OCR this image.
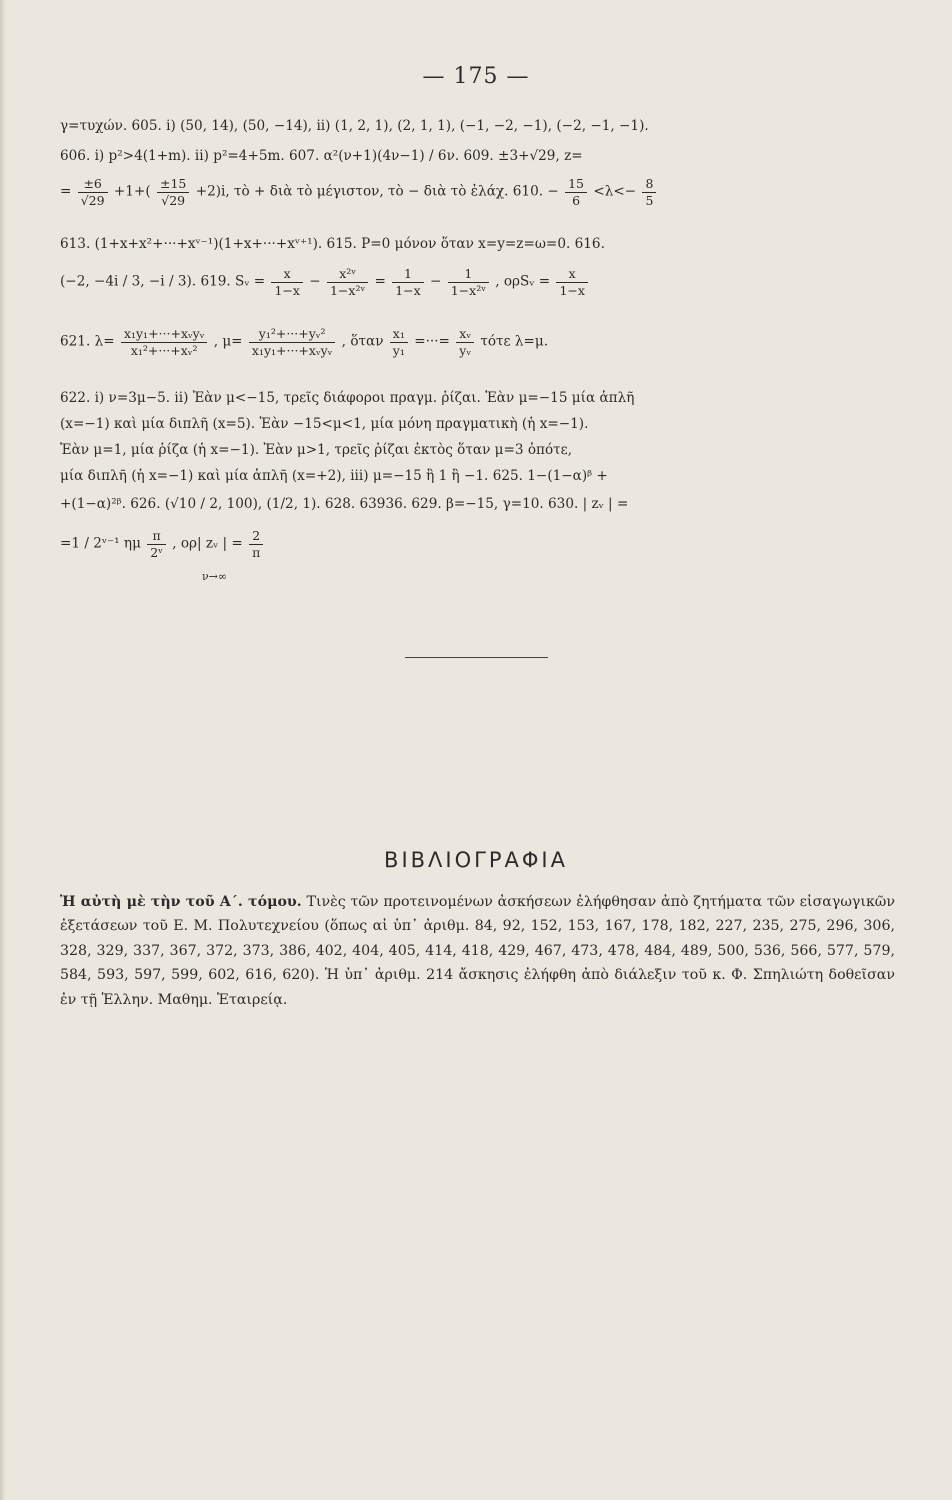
— 175 —
γ=τυχών. 605. i) (50, 14), (50, −14), ii) (1, 2, 1), (2, 1, 1), (−1, −2, −1), (−2, −1, −1).
606. i) p²>4(1+m). ii) p²=4+5m. 607. α²(ν+1)(4ν−1) / 6ν. 609. ±3+√29, z=
= $\frac{\pm 6}{√29} +1+( \frac{\pm 15}{√29} +2)i$, τὸ + διὰ τὸ μέγιστον, τὸ − διὰ τὸ ἐλάχ. 610. − $\frac{15}{6} <\lambda<- \frac{8}{5}$
613. (1+x+x²+···+xᵛ⁻¹)(1+x+···+xᵛ⁺¹). 615. P=0 μόνον ὅταν x=y=z=ω=0. 616.
(−2, −4i / 3, −i / 3). 619. Sᵥ = $\frac{x}{1-x} - \frac{\text{x²ᵛ}}{\text{1−x²ᵛ}} = \frac{1}{1-x} - \frac{1}{\text{1−x²ᵛ}}$ , ορSᵥ = $\frac{x}{1-x}$
621. $\lambda= \frac{\text{x₁y₁+···+xᵥyᵥ}}{\text{x₁²+···+xᵥ²}}$ , $\mu= \frac{\text{y₁²+···+yᵥ²}}{\text{x₁y₁+···+xᵥyᵥ}}$ , ὅταν $\frac{\text{x₁}}{\text{y₁}}$ =···= $\frac{\text{xᵥ}}{\text{yᵥ}}$ τότε λ=μ.
622. i) ν=3μ−5. ii) Ἐὰν μ<−15, τρεῖς διάφοροι πραγμ. ῥίζαι. Ἐὰν μ=−15 μία ἁπλῆ
(x=−1) καὶ μία διπλῆ (x=5). Ἐὰν −15<μ<1, μία μόνη πραγματικὴ (ἡ x=−1).
Ἐὰν μ=1, μία ῥίζα (ἡ x=−1). Ἐὰν μ>1, τρεῖς ῥίζαι ἐκτὸς ὅταν μ=3 ὁπότε,
μία διπλῆ (ἡ x=−1) καὶ μία ἁπλῆ (x=+2), iii) μ=−15 ἢ 1 ἢ −1. 625. 1−(1−α)ᵝ +
+(1−α)²ᵝ. 626. (√10 / 2, 100), (1/2, 1). 628. 63936. 629. β=−15, γ=10. 630. | zᵥ | =
=1 / 2ᵛ⁻¹ ημ $\frac{\pi}{\text{2ᵛ}}$ , ορ| zᵥ | = $\frac{2}{\pi}$
ν→∞
ΒΙΒΛΙΟΓΡΑΦΙΑ
Ἡ αὐτὴ μὲ τὴν τοῦ Α΄. τόμου. Τινὲς τῶν προτεινομένων ἀσκήσεων ἐλήφθησαν ἀπὸ ζητήματα τῶν εἰσαγωγικῶν ἐξετάσεων τοῦ Ε. Μ. Πολυτεχνείου (ὅπως αἱ ὑπ᾽ ἀριθμ. 84, 92, 152, 153, 167, 178, 182, 227, 235, 275, 296, 306, 328, 329, 337, 367, 372, 373, 386, 402, 404, 405, 414, 418, 429, 467, 473, 478, 484, 489, 500, 536, 566, 577, 579, 584, 593, 597, 599, 602, 616, 620). Ἡ ὑπ᾽ ἀριθμ. 214 ἄσκησις ἐλήφθη ἀπὸ διάλεξιν τοῦ κ. Φ. Σπηλιώτη δοθεῖσαν ἐν τῇ Ἑλλην. Μαθημ. Ἑταιρείᾳ.
